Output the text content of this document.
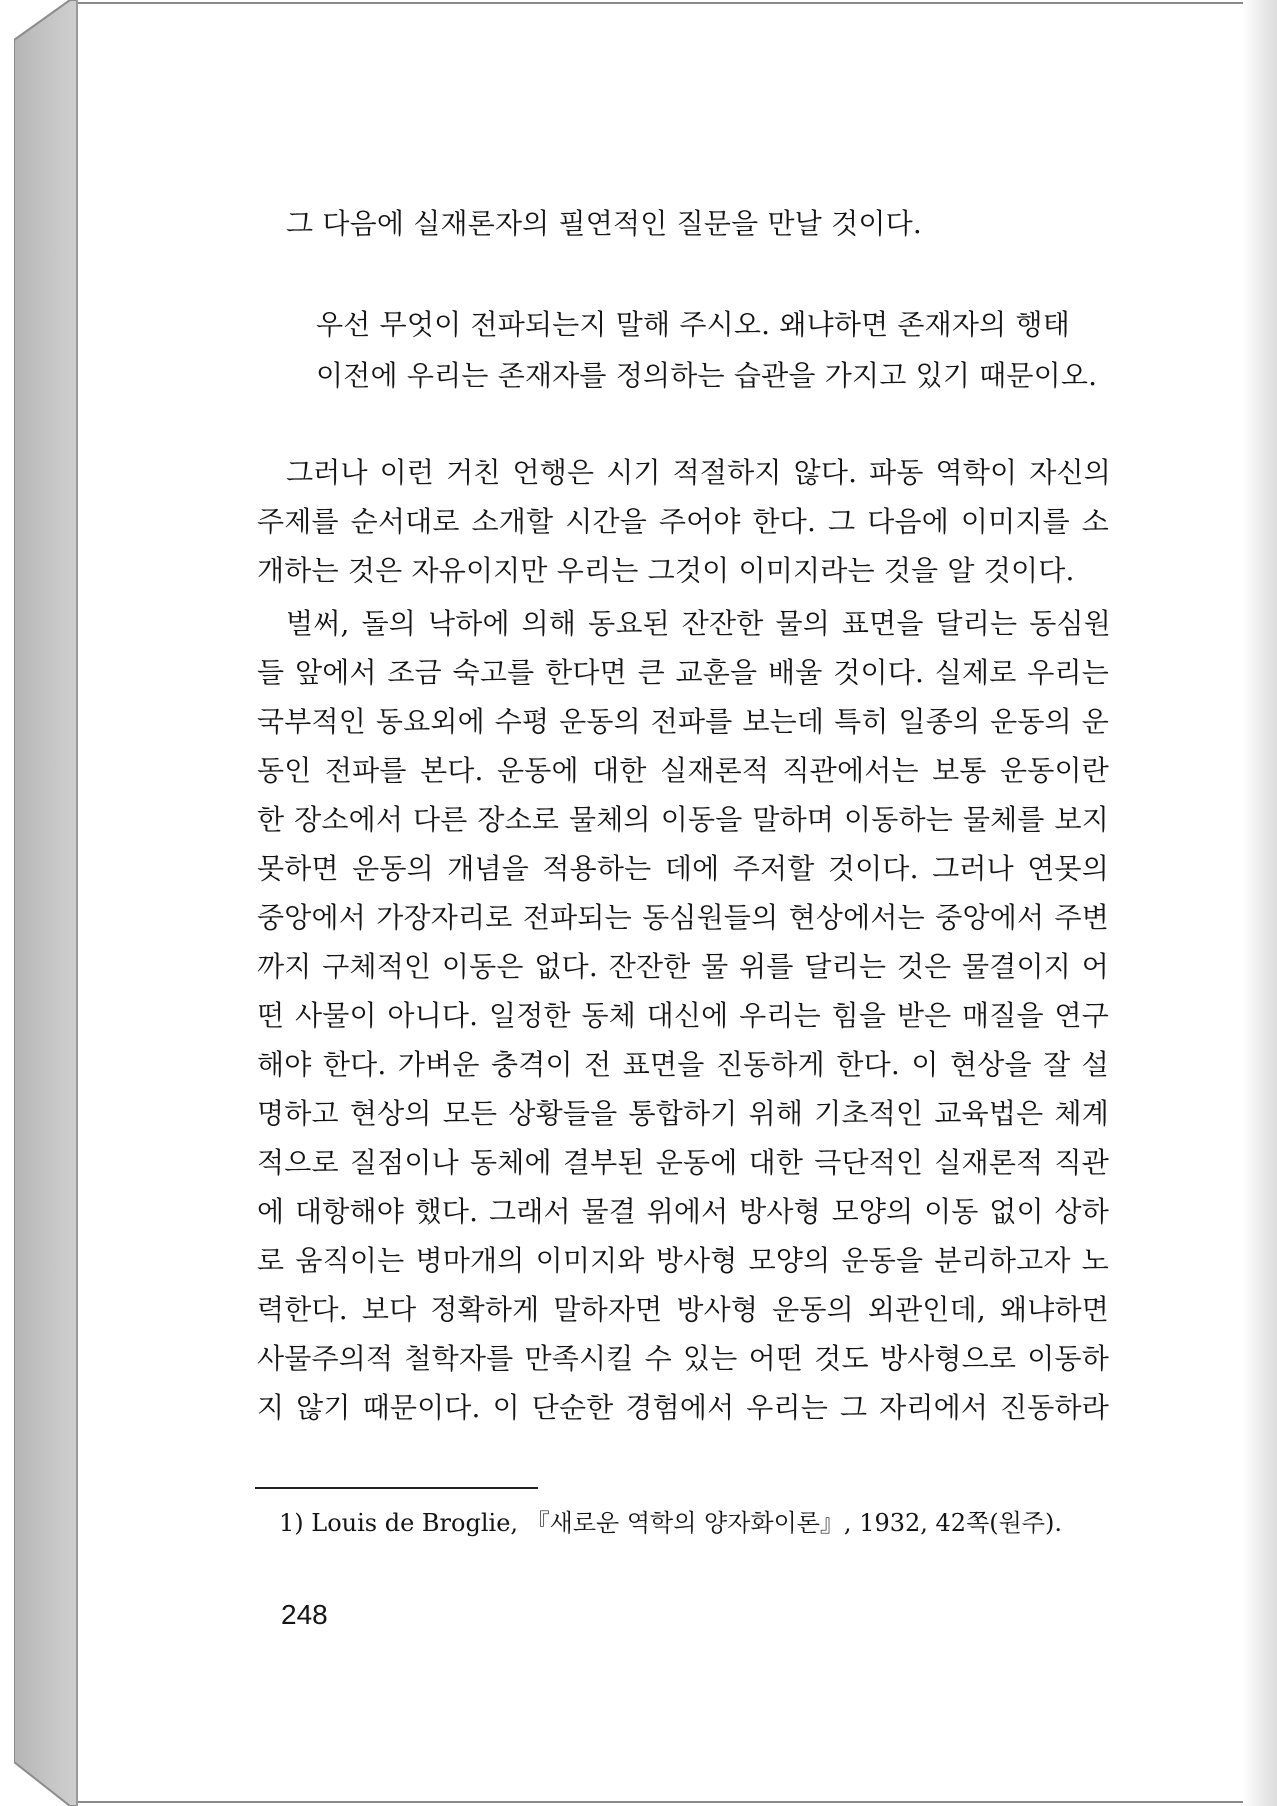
그 다음에 실재론자의 필연적인 질문을 만날 것이다.
우선 무엇이 전파되는지 말해 주시오. 왜냐하면 존재자의 행태
이전에 우리는 존재자를 정의하는 습관을 가지고 있기 때문이오.
그러나 이런 거친 언행은 시기 적절하지 않다. 파동 역학이 자신의
주제를 순서대로 소개할 시간을 주어야 한다. 그 다음에 이미지를 소
개하는 것은 자유이지만 우리는 그것이 이미지라는 것을 알 것이다.
벌써, 돌의 낙하에 의해 동요된 잔잔한 물의 표면을 달리는 동심원
들 앞에서 조금 숙고를 한다면 큰 교훈을 배울 것이다. 실제로 우리는
국부적인 동요외에 수평 운동의 전파를 보는데 특히 일종의 운동의 운
동인 전파를 본다. 운동에 대한 실재론적 직관에서는 보통 운동이란
한 장소에서 다른 장소로 물체의 이동을 말하며 이동하는 물체를 보지
못하면 운동의 개념을 적용하는 데에 주저할 것이다. 그러나 연못의
중앙에서 가장자리로 전파되는 동심원들의 현상에서는 중앙에서 주변
까지 구체적인 이동은 없다. 잔잔한 물 위를 달리는 것은 물결이지 어
떤 사물이 아니다. 일정한 동체 대신에 우리는 힘을 받은 매질을 연구
해야 한다. 가벼운 충격이 전 표면을 진동하게 한다. 이 현상을 잘 설
명하고 현상의 모든 상황들을 통합하기 위해 기초적인 교육법은 체계
적으로 질점이나 동체에 결부된 운동에 대한 극단적인 실재론적 직관
에 대항해야 했다. 그래서 물결 위에서 방사형 모양의 이동 없이 상하
로 움직이는 병마개의 이미지와 방사형 모양의 운동을 분리하고자 노
력한다. 보다 정확하게 말하자면 방사형 운동의 외관인데, 왜냐하면
사물주의적 철학자를 만족시킬 수 있는 어떤 것도 방사형으로 이동하
지 않기 때문이다. 이 단순한 경험에서 우리는 그 자리에서 진동하라
1) Louis de Broglie, 『새로운 역학의 양자화이론』, 1932, 42쪽(원주).
248
